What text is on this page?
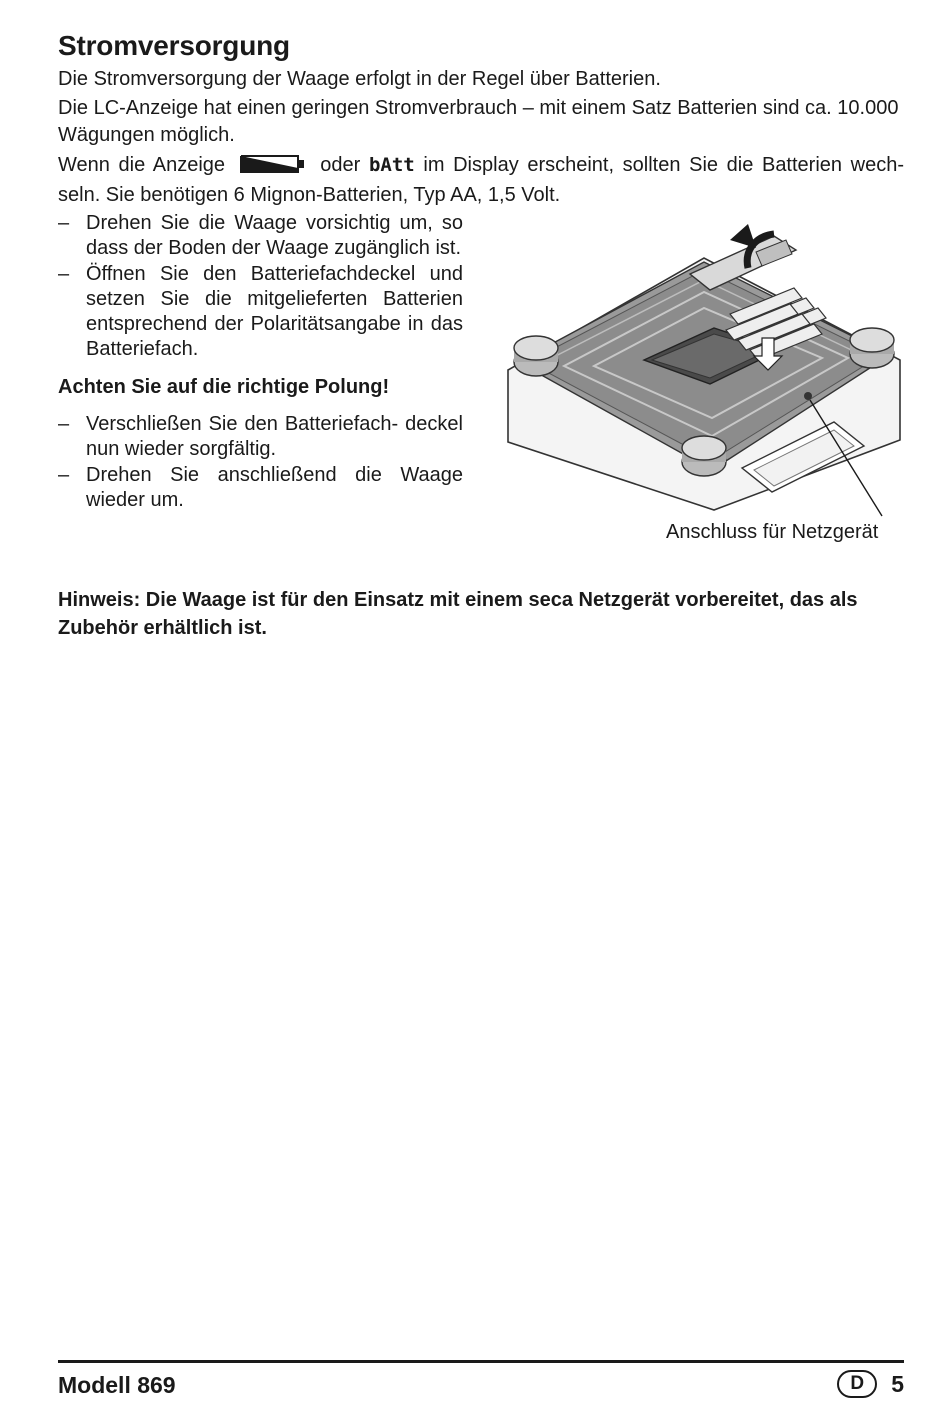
Stromversorgung

Die Stromversorgung der Waage erfolgt in der Regel über Batterien.

Die LC-Anzeige hat einen geringen Stromverbrauch – mit einem Satz Batterien sind ca. 10.000 Wägungen möglich.

Wenn die Anzeige	oder bAtt im Display erscheint, sollten Sie die Batterien wech- seln. Sie benötigen 6 Mignon-Batterien, Typ AA, 1,5 Volt.

– Drehen Sie die Waage vorsichtig um, so dass der Boden der Waage zugänglich ist.
– Öffnen Sie den Batteriefachdeckel und setzen Sie die mitgelieferten Batterien entsprechend der Polaritätsangabe in das Batteriefach.
Achten Sie auf die richtige Polung!
– Verschließen Sie den Batteriefach- deckel nun wieder sorgfältig.
– Drehen Sie anschließend die Waage wieder um.
Anschluss für Netzgerät
Hinweis: Die Waage ist für den Einsatz mit einem seca Netzgerät vorbereitet, das als Zubehör erhältlich ist.
Modell 869	D	5
